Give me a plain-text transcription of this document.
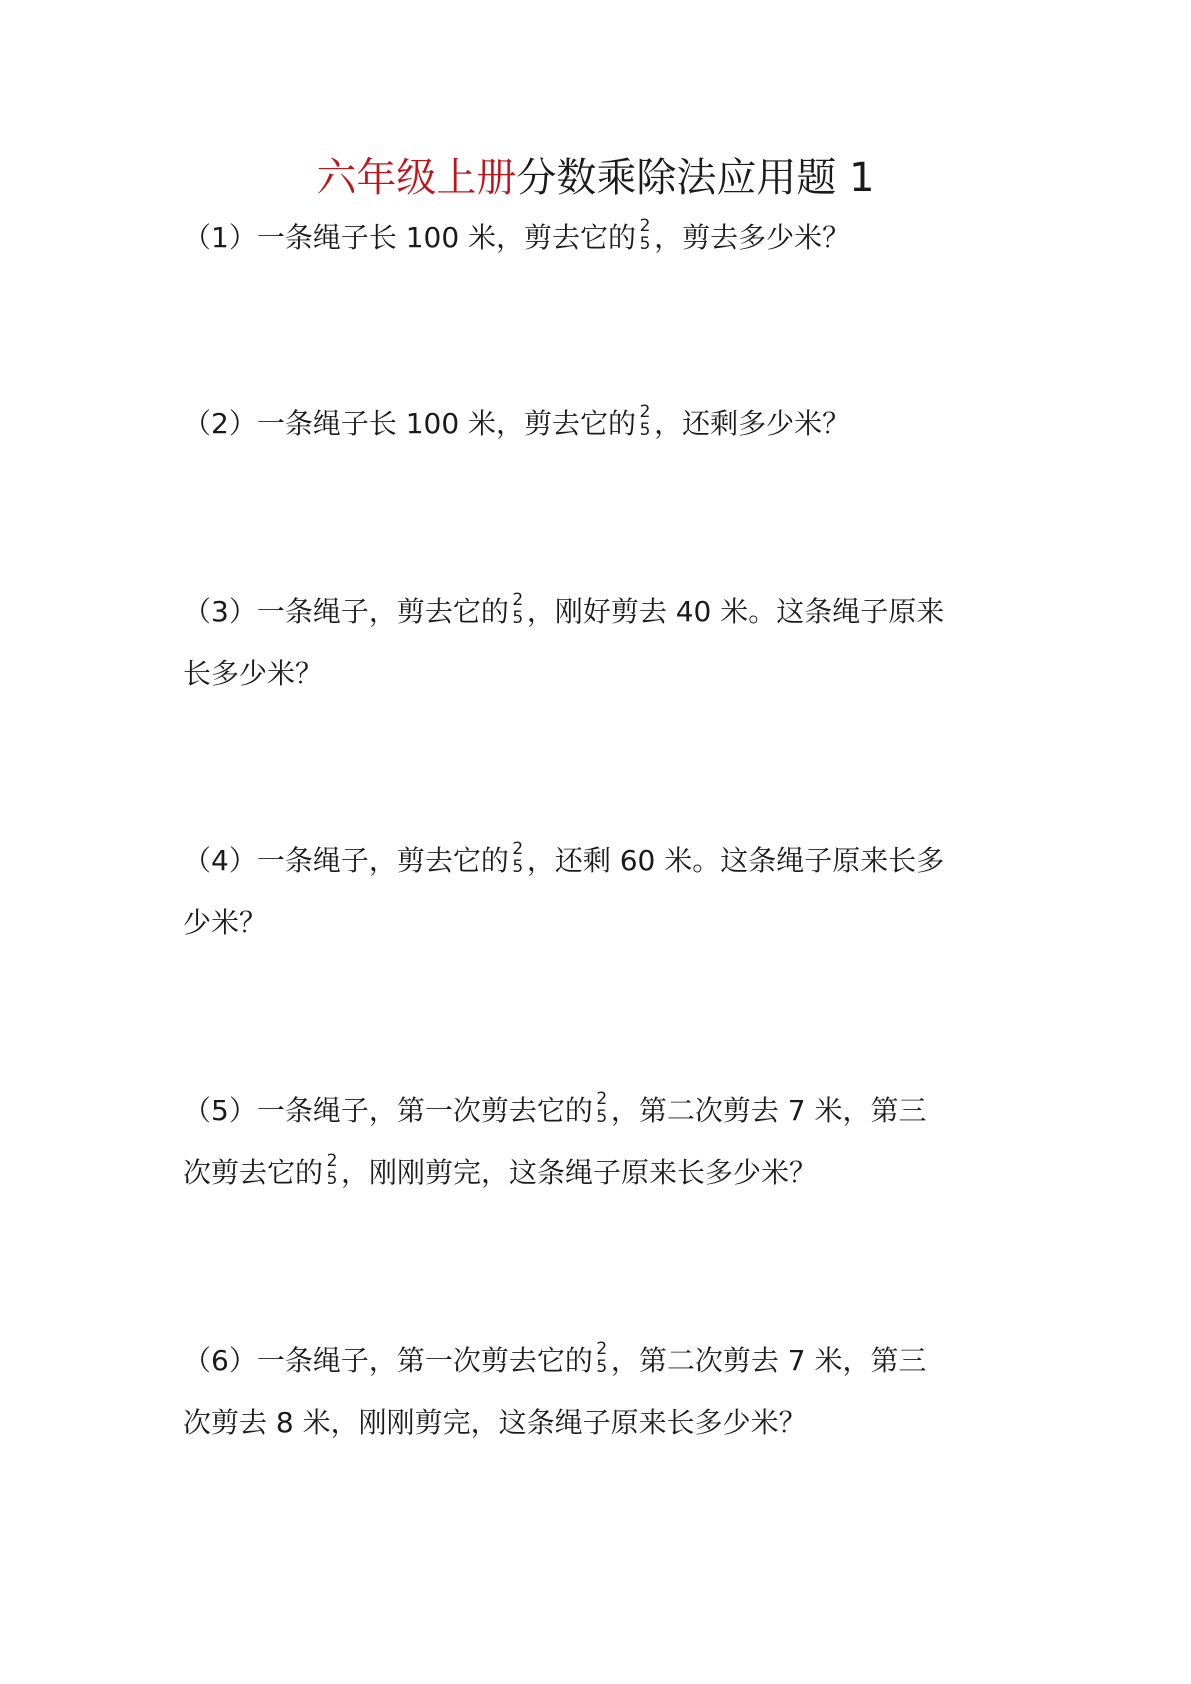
六年级上册分数乘除法应用题 1
（1）一条绳子长 100 米，剪去它的 2
5 ，剪去多少米？
（2）一条绳子长 100 米，剪去它的 2
5 ，还剩多少米？
（3）一条绳子，剪去它的 2
5 ，刚好剪去 40 米。这条绳子原来
长多少米？
（4）一条绳子，剪去它的 2
5 ，还剩 60 米。这条绳子原来长多
少米？
（5）一条绳子，第一次剪去它的 2
5 ，第二次剪去 7 米，第三
次剪去它的 2
5 ，刚刚剪完，这条绳子原来长多少米？
（6）一条绳子，第一次剪去它的 2
5 ，第二次剪去 7 米，第三
次剪去 8 米，刚刚剪完，这条绳子原来长多少米？
